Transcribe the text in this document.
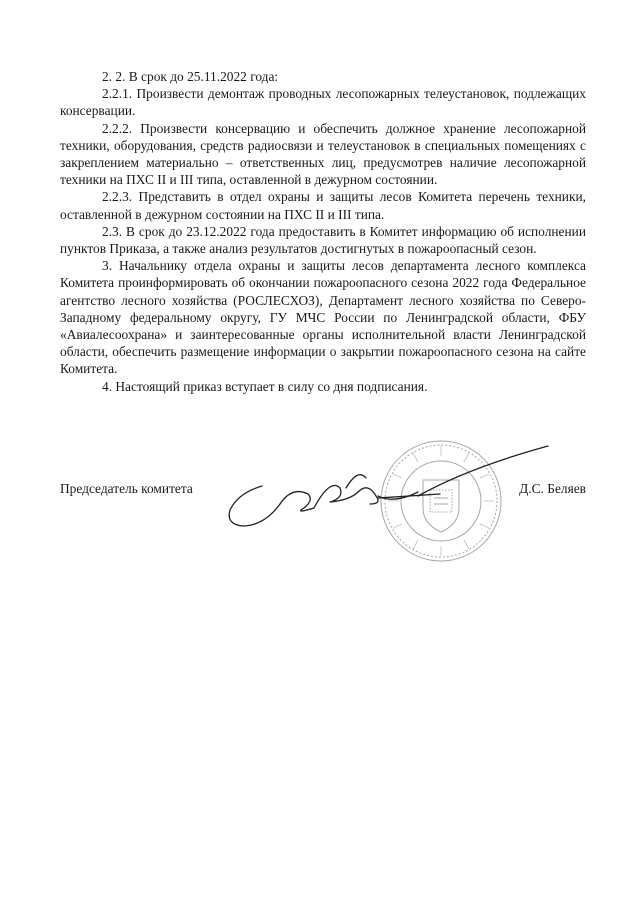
2. 2. В срок до 25.11.2022 года:

2.2.1. Произвести демонтаж проводных лесопожарных телеустановок, подлежащих консервации.

2.2.2. Произвести консервацию и обеспечить должное хранение лесопожарной техники, оборудования, средств радиосвязи и телеустановок в специальных помещениях с закреплением материально – ответственных лиц, предусмотрев наличие лесопожарной техники на ПХС II и III типа, оставленной в дежурном состоянии.

2.2.3. Представить в отдел охраны и защиты лесов Комитета перечень техники, оставленной в дежурном состоянии на ПХС II и III типа.

2.3. В срок до 23.12.2022 года предоставить в Комитет информацию об исполнении пунктов Приказа, а также анализ результатов достигнутых в пожароопасный сезон.

3. Начальнику отдела охраны и защиты лесов департамента лесного комплекса Комитета проинформировать об окончании пожароопасного сезона 2022 года Федеральное агентство лесного хозяйства (РОСЛЕСХОЗ), Департамент лесного хозяйства по Северо-Западному федеральному округу, ГУ МЧС России по Ленинградской области, ФБУ «Авиалесоохрана» и заинтересованные органы исполнительной власти Ленинградской области, обеспечить размещение информации о закрытии пожароопасного сезона на сайте Комитета.

4. Настоящий приказ вступает в силу со дня подписания.

Председатель комитета	Д.С. Беляев
